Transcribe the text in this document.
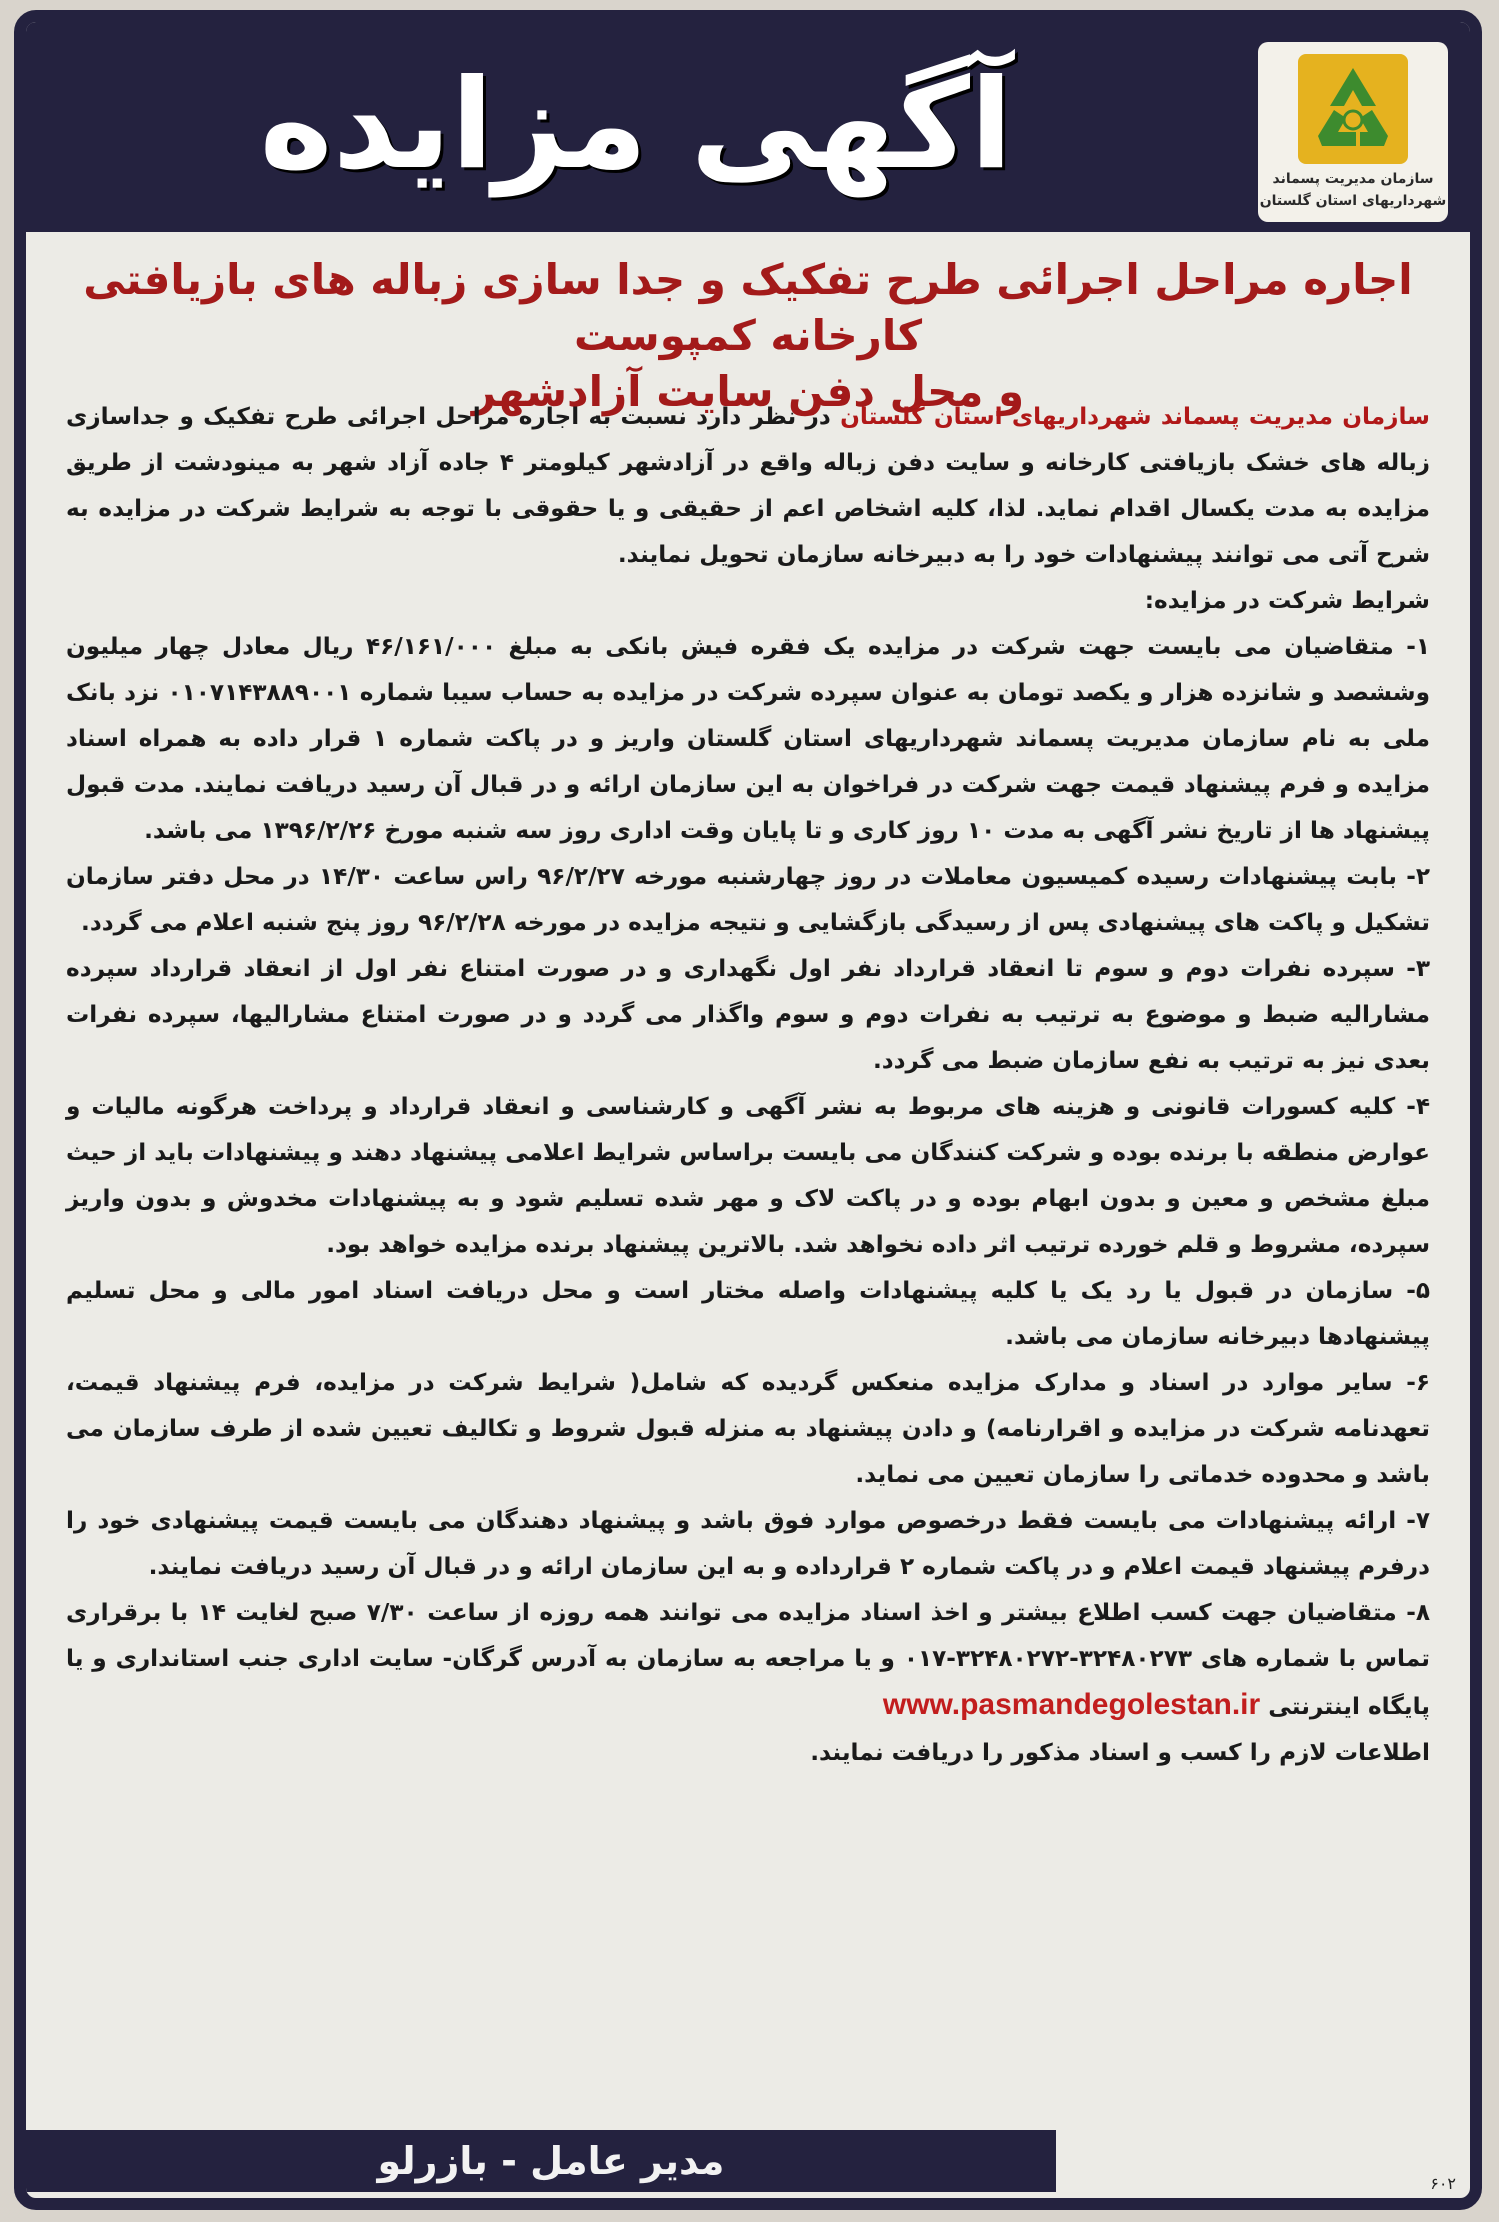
آگهی مزایده	سازمان مدیریت پسماند
شهرداریهای استان گلستان
اجاره مراحل اجرائی طرح تفکیک و جدا سازی زباله های بازیافتی کارخانه کمپوست
و محل دفن سایت آزادشهر

سازمان مدیریت پسماند شهرداریهای استان گلستان در نظر دارد نسبت به اجاره مراحل اجرائی طرح تفکیک و جداسازی زباله های خشک بازیافتی کارخانه و سایت دفن زباله واقع در آزادشهر کیلومتر ۴ جاده آزاد شهر به مینودشت از طریق مزایده به مدت یکسال اقدام نماید. لذا، کلیه اشخاص اعم از حقیقی و یا حقوقی با توجه به شرایط شرکت در مزایده به شرح آتی می توانند پیشنهادات خود را به دبیرخانه سازمان تحویل نمایند.

شرایط شرکت در مزایده:

۱- متقاضیان می بایست جهت شرکت در مزایده یک فقره فیش بانکی به مبلغ ۴۶/۱۶۱/۰۰۰ ریال معادل چهار میلیون وششصد و شانزده هزار و یکصد تومان به عنوان سپرده شرکت در مزایده به حساب سیبا شماره ۰۱۰۷۱۴۳۸۸۹۰۰۱ نزد بانک ملی به نام سازمان مدیریت پسماند شهرداریهای استان گلستان واریز و در پاکت شماره ۱ قرار داده به همراه اسناد مزایده و فرم پیشنهاد قیمت جهت شرکت در فراخوان به این سازمان ارائه و در قبال آن رسید دریافت نمایند. مدت قبول پیشنهاد ها از تاریخ نشر آگهی به مدت ۱۰ روز کاری و تا پایان وقت اداری روز سه شنبه مورخ ۱۳۹۶/۲/۲۶ می باشد.

۲- بابت پیشنهادات رسیده کمیسیون معاملات در روز چهارشنبه مورخه ۹۶/۲/۲۷ راس ساعت ۱۴/۳۰ در محل دفتر سازمان تشکیل و پاکت های پیشنهادی پس از رسیدگی بازگشایی و نتیجه مزایده در مورخه ۹۶/۲/۲۸ روز پنج شنبه اعلام می گردد.

۳- سپرده نفرات دوم و سوم تا انعقاد قرارداد نفر اول نگهداری و در صورت امتناع نفر اول از انعقاد قرارداد سپرده مشارالیه ضبط و موضوع به ترتیب به نفرات دوم و سوم واگذار می گردد و در صورت امتناع مشارالیها، سپرده نفرات بعدی نیز به ترتیب به نفع سازمان ضبط می گردد.

۴- کلیه کسورات قانونی و هزینه های مربوط به نشر آگهی و کارشناسی و انعقاد قرارداد و پرداخت هرگونه مالیات و عوارض منطقه با برنده بوده و شرکت کنندگان می بایست براساس شرایط اعلامی پیشنهاد دهند و پیشنهادات باید از حیث مبلغ مشخص و معین و بدون ابهام بوده و در پاکت لاک و مهر شده تسلیم شود و به پیشنهادات مخدوش و بدون واریز سپرده، مشروط و قلم خورده ترتیب اثر داده نخواهد شد. بالاترین پیشنهاد برنده مزایده خواهد بود.

۵- سازمان در قبول یا رد یک یا کلیه پیشنهادات واصله مختار است و محل دریافت اسناد امور مالی و محل تسلیم پیشنهادها دبیرخانه سازمان می باشد.

۶- سایر موارد در اسناد و مدارک مزایده منعکس گردیده که شامل( شرایط شرکت در مزایده، فرم پیشنهاد قیمت، تعهدنامه شرکت در مزایده و اقرارنامه) و دادن پیشنهاد به منزله قبول شروط و تکالیف تعیین شده از طرف سازمان می باشد و محدوده خدماتی را سازمان تعیین می نماید.

۷- ارائه پیشنهادات می بایست فقط درخصوص موارد فوق باشد و پیشنهاد دهندگان می بایست قیمت پیشنهادی خود را درفرم پیشنهاد قیمت اعلام و در پاکت شماره ۲ قرارداده و به این سازمان ارائه و در قبال آن رسید دریافت نمایند.

۸- متقاضیان جهت کسب اطلاع بیشتر و اخذ اسناد مزایده می توانند همه روزه از ساعت ۷/۳۰ صبح لغایت ۱۴ با برقراری تماس با شماره های ۳۲۴۸۰۲۷۳-۳۲۴۸۰۲۷۲-۰۱۷ و یا مراجعه به سازمان به آدرس گرگان- سایت اداری جنب استانداری و یا پایگاه اینترنتی www.pasmandegolestan.ir

اطلاعات لازم را کسب و اسناد مذکور را دریافت نمایند.

مدیر عامل - بازرلو
۶۰۲
